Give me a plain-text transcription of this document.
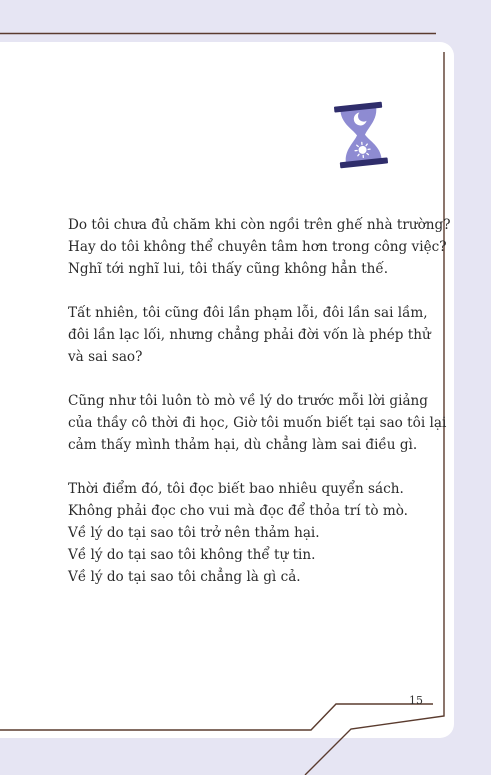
Do tôi chưa đủ chăm khi còn ngồi trên ghế nhà trường?
Hay do tôi không thể chuyên tâm hơn trong công việc?
Nghĩ tới nghĩ lui, tôi thấy cũng không hẳn thế.

Tất nhiên, tôi cũng đôi lần phạm lỗi, đôi lần sai lầm,
đôi lần lạc lối, nhưng chẳng phải đời vốn là phép thử
và sai sao?

Cũng như tôi luôn tò mò về lý do trước mỗi lời giảng
của thầy cô thời đi học, Giờ tôi muốn biết tại sao tôi lại
cảm thấy mình thảm hại, dù chẳng làm sai điều gì.

Thời điểm đó, tôi đọc biết bao nhiêu quyển sách.
Không phải đọc cho vui mà đọc để thỏa trí tò mò.
Về lý do tại sao tôi trở nên thảm hại.
Về lý do tại sao tôi không thể tự tin.
Về lý do tại sao tôi chẳng là gì cả.

15
